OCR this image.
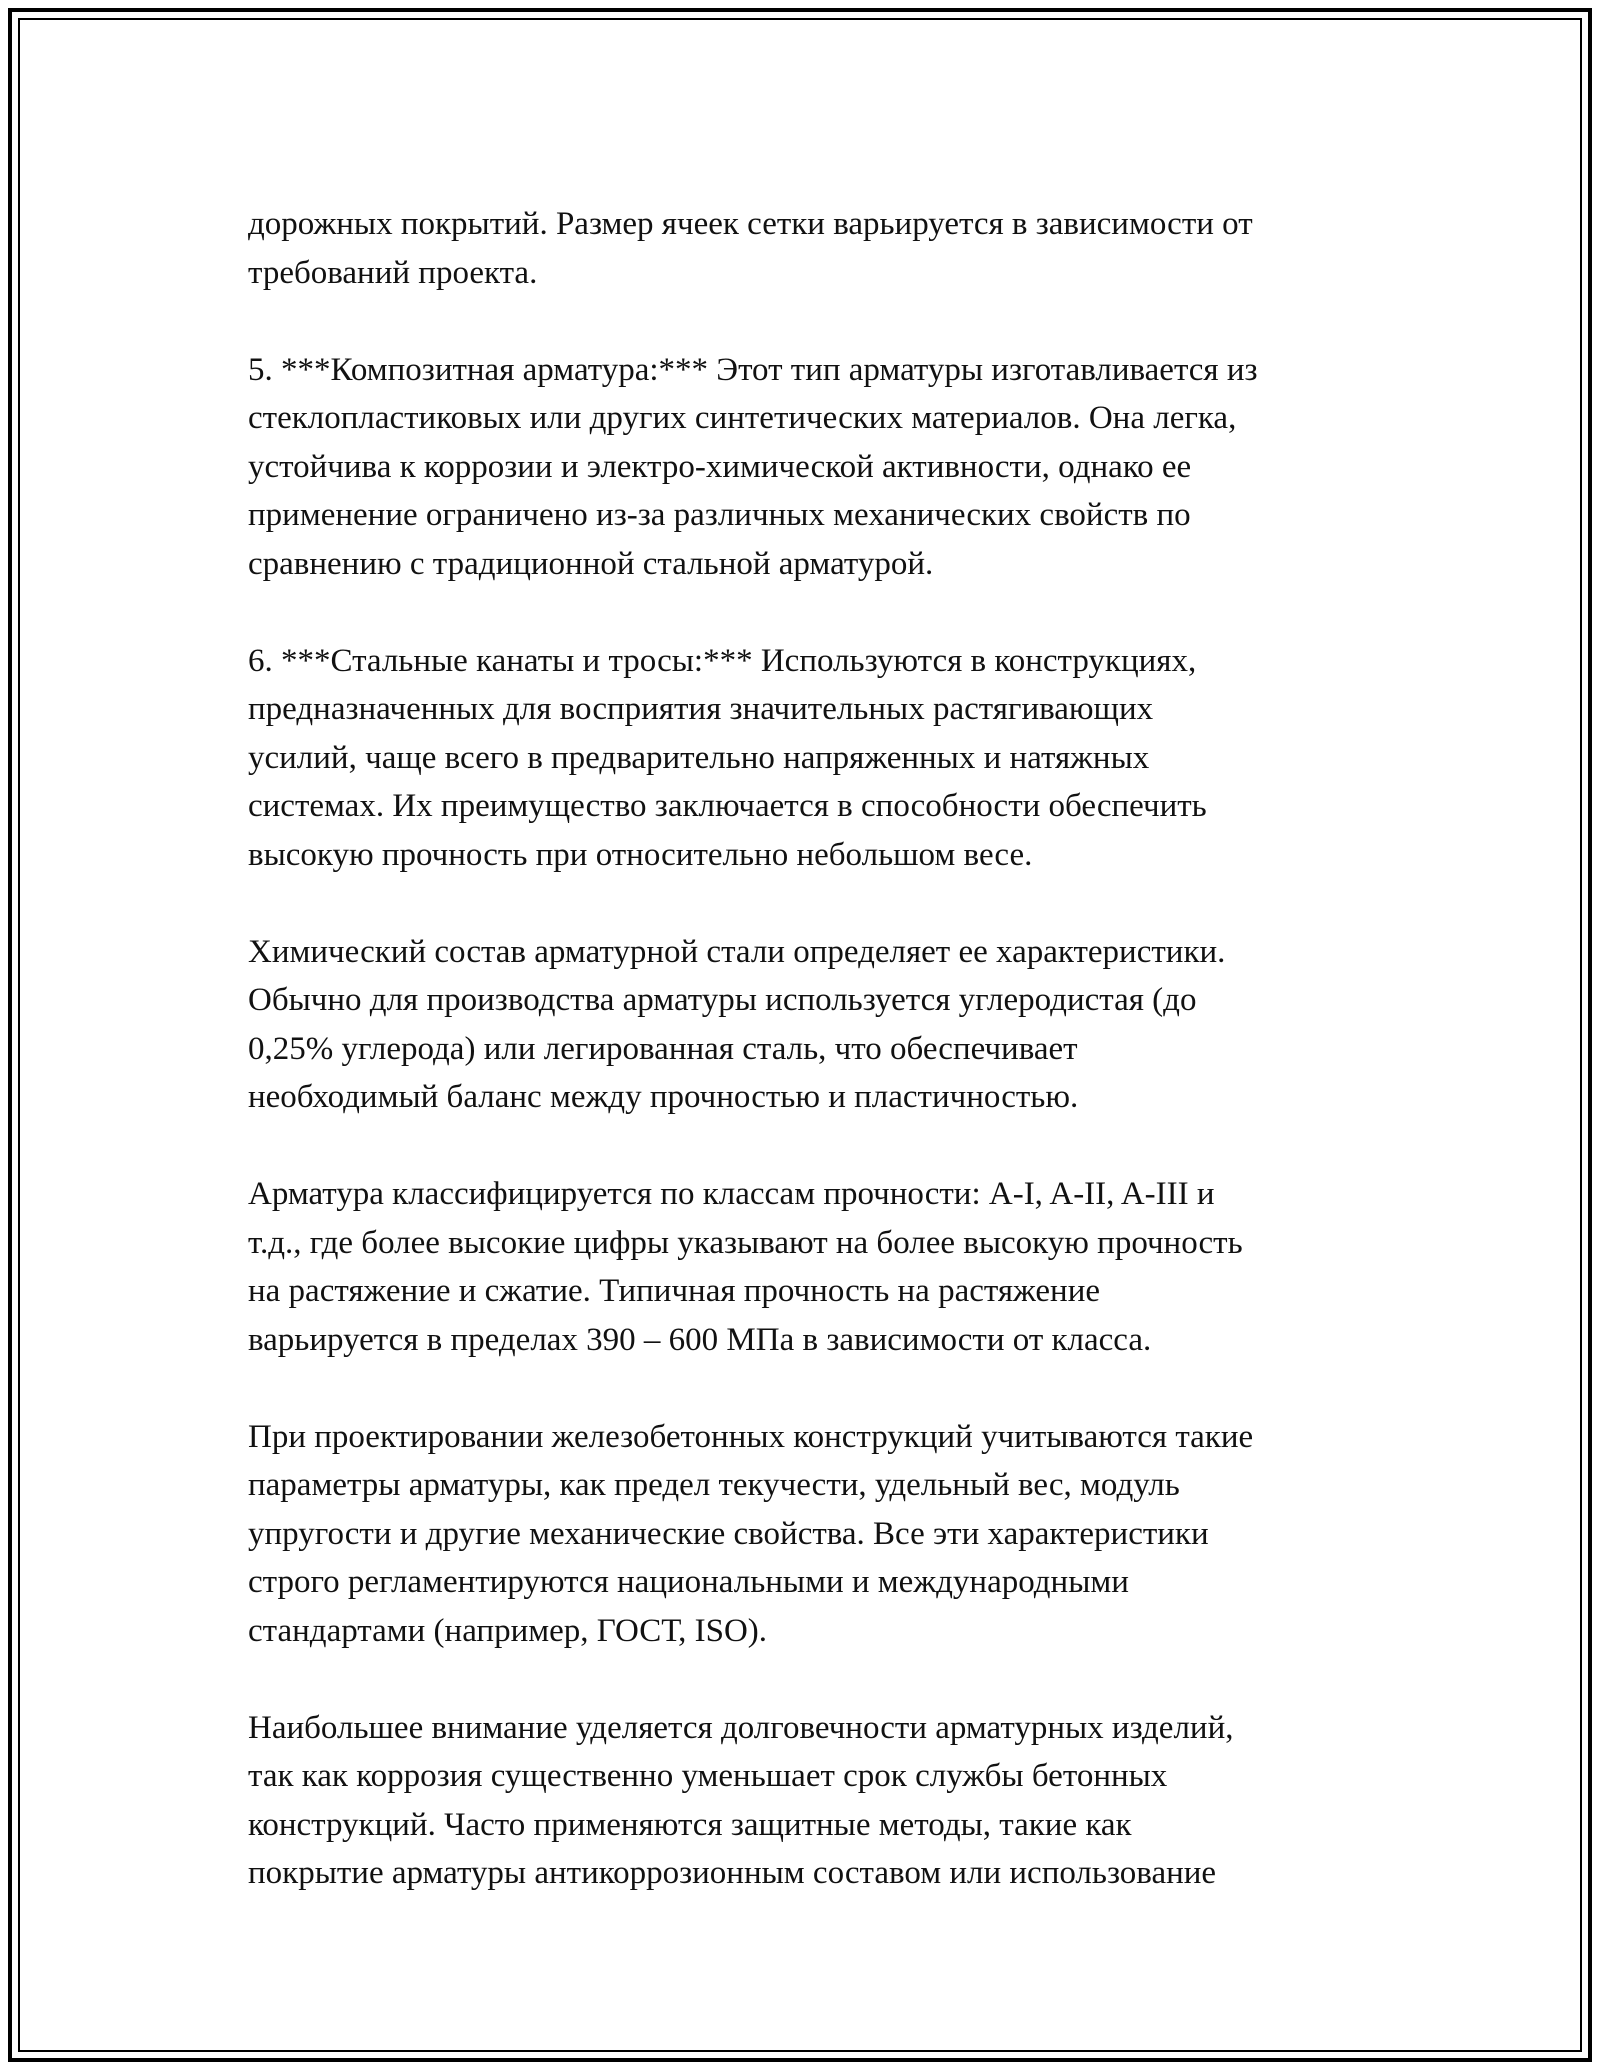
дорожных покрытий. Размер ячеек сетки варьируется в зависимости от
требований проекта.

5. ***Композитная арматура:*** Этот тип арматуры изготавливается из
стеклопластиковых или других синтетических материалов. Она легка,
устойчива к коррозии и электро-химической активности, однако ее
применение ограничено из-за различных механических свойств по
сравнению с традиционной стальной арматурой.

6. ***Стальные канаты и тросы:*** Используются в конструкциях,
предназначенных для восприятия значительных растягивающих
усилий, чаще всего в предварительно напряженных и натяжных
системах. Их преимущество заключается в способности обеспечить
высокую прочность при относительно небольшом весе.

Химический состав арматурной стали определяет ее характеристики.
Обычно для производства арматуры используется углеродистая (до
0,25% углерода) или легированная сталь, что обеспечивает
необходимый баланс между прочностью и пластичностью.

Арматура классифицируется по классам прочности: A-I, A-II, A-III и
т.д., где более высокие цифры указывают на более высокую прочность
на растяжение и сжатие. Типичная прочность на растяжение
варьируется в пределах 390 – 600 МПа в зависимости от класса.

При проектировании железобетонных конструкций учитываются такие
параметры арматуры, как предел текучести, удельный вес, модуль
упругости и другие механические свойства. Все эти характеристики
строго регламентируются национальными и международными
стандартами (например, ГОСТ, ISO).

Наибольшее внимание уделяется долговечности арматурных изделий,
так как коррозия существенно уменьшает срок службы бетонных
конструкций. Часто применяются защитные методы, такие как
покрытие арматуры антикоррозионным составом или использование
